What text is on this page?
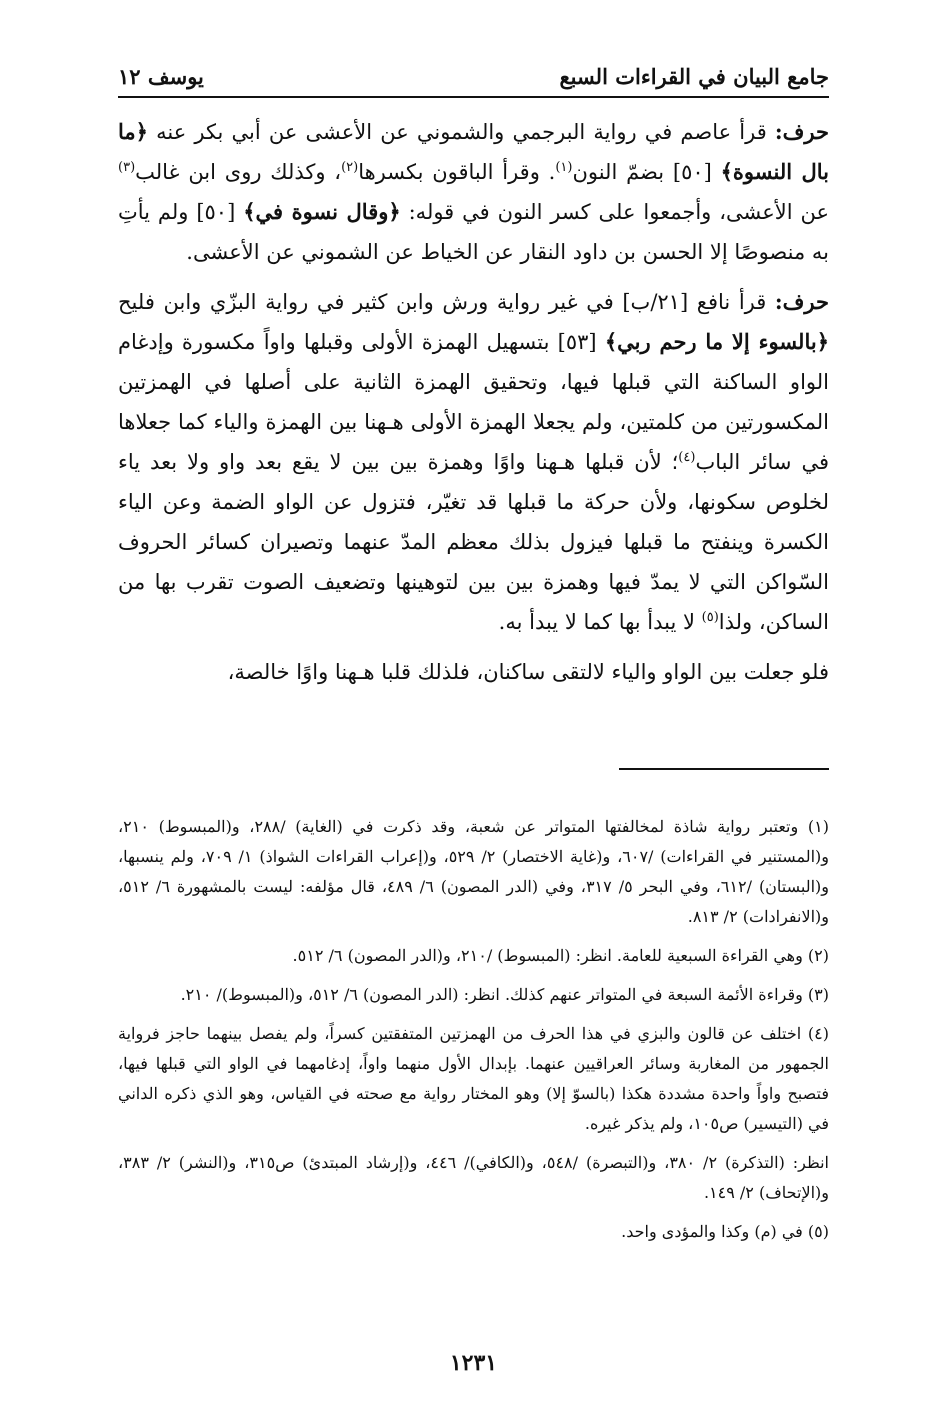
جامع البيان في القراءات السبع
يوسف ١٢

حرف: قرأ عاصم في رواية البرجمي والشموني عن الأعشى عن أبي بكر عنه ﴿ما بال النسوة﴾ [٥٠] بضمّ النون$^{(١)}$. وقرأ الباقون بكسرها$^{(٢)}$، وكذلك روى ابن غالب$^{(٣)}$ عن الأعشى، وأجمعوا على كسر النون في قوله: ﴿وقال نسوة في﴾ [٥٠] ولم يأتِ به منصوصًا إلا الحسن بن داود النقار عن الخياط عن الشموني عن الأعشى.

حرف: قرأ نافع [٢١/ب] في غير رواية ورش وابن كثير في رواية البزّي وابن فليح ﴿بالسوء إلا ما رحم ربي﴾ [٥٣] بتسهيل الهمزة الأولى وقبلها واواً مكسورة وإدغام الواو الساكنة التي قبلها فيها، وتحقيق الهمزة الثانية على أصلها في الهمزتين المكسورتين من كلمتين، ولم يجعلا الهمزة الأولى هـهنا بين الهمزة والياء كما جعلاها في سائر الباب$^{(٤)}$؛ لأن قبلها هـهنا واوًا وهمزة بين بين لا يقع بعد واو ولا بعد ياء لخلوص سكونها، ولأن حركة ما قبلها قد تغيّر، فتزول عن الواو الضمة وعن الياء الكسرة وينفتح ما قبلها فيزول بذلك معظم المدّ عنهما وتصيران كسائر الحروف السّواكن التي لا يمدّ فيها وهمزة بين بين لتوهينها وتضعيف الصوت تقرب بها من الساكن، ولذا$^{(٥)}$ لا يبدأ بها كما لا يبدأ به.

فلو جعلت بين الواو والياء لالتقى ساكنان، فلذلك قلبا هـهنا واوًا خالصة،

(١) وتعتبر رواية شاذة لمخالفتها المتواتر عن شعبة، وقد ذكرت في (الغاية) /٢٨٨، و(المبسوط) ٢١٠، و(المستنير في القراءات) /٦٠٧، و(غاية الاختصار) ٢/ ٥٢٩، و(إعراب القراءات الشواذ) ١/ ٧٠٩، ولم ينسبها، و(البستان) /٦١٢، وفي البحر ٥/ ٣١٧، وفي (الدر المصون) ٦/ ٤٨٩، قال مؤلفه: ليست بالمشهورة ٦/ ٥١٢، و(الانفرادات) ٢/ ٨١٣.

(٢) وهي القراءة السبعية للعامة. انظر: (المبسوط) /٢١٠، و(الدر المصون) ٦/ ٥١٢.

(٣) وقراءة الأئمة السبعة في المتواتر عنهم كذلك. انظر: (الدر المصون) ٦/ ٥١٢، و(المبسوط)/ ٢١٠.

(٤) اختلف عن قالون والبزي في هذا الحرف من الهمزتين المتفقتين كسراً، ولم يفصل بينهما حاجز فرواية الجمهور من المغاربة وسائر العراقيين عنهما. بإبدال الأول منهما واواً، إدغامهما في الواو التي قبلها فيها، فتصبح واواً واحدة مشددة هكذا (بالسوّ إلا) وهو المختار رواية مع صحته في القياس، وهو الذي ذكره الداني في (التيسير) ص١٠٥، ولم يذكر غيره.

انظر: (التذكرة) ٢/ ٣٨٠، و(التبصرة) /٥٤٨، و(الكافي)/ ٤٤٦، و(إرشاد المبتدئ) ص٣١٥، و(النشر) ٢/ ٣٨٣، و(الإتحاف) ٢/ ١٤٩.

(٥) في (م) وكذا والمؤدى واحد.

١٢٣١
